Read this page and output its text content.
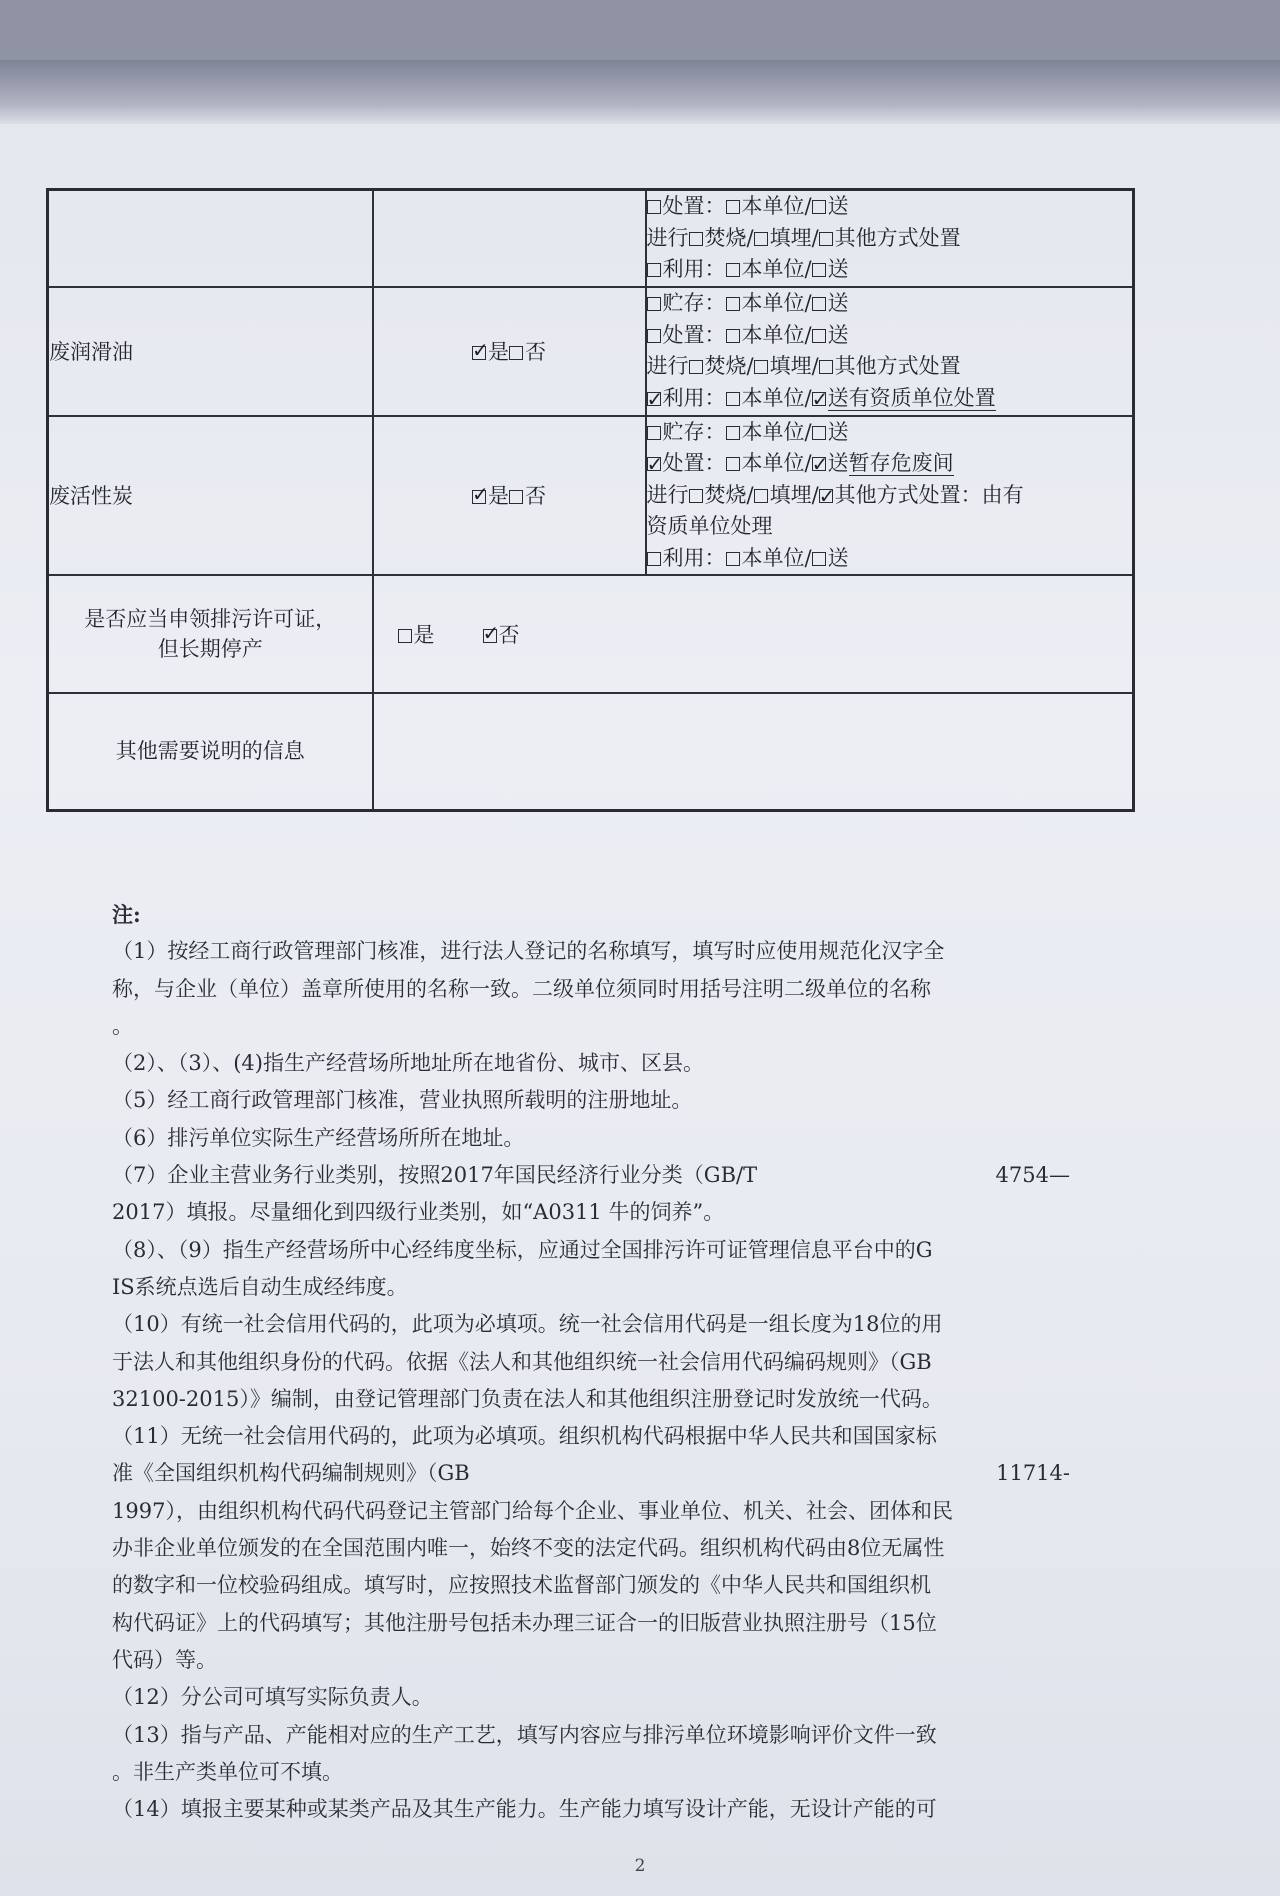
		处置： 本单位/ 送
进行 焚烧/ 填埋/ 其他方式处置
利用： 本单位/ 送

废润滑油	✓是 否	贮存： 本单位/ 送
处置： 本单位/ 送
进行 焚烧/ 填埋/ 其他方式处置
✓利用： 本单位/ ✓ 送有资质单位处置

废活性炭	✓是 否	贮存： 本单位/ 送
✓处置： 本单位/ ✓ 送暂存危废间
进行 焚烧/ 填埋/ ✓ 其他方式处置：由有
资质单位处理
利用： 本单位/ 送

是否应当申领排污许可证，
但长期停产	是 ✓ 否
其他需要说明的信息		

注:

（1）按经工商行政管理部门核准，进行法人登记的名称填写，填写时应使用规范化汉字全

称，与企业（单位）盖章所使用的名称一致。二级单位须同时用括号注明二级单位的名称

。

（2）、（3）、(4)指生产经营场所地址所在地省份、城市、区县。

（5）经工商行政管理部门核准，营业执照所载明的注册地址。

（6）排污单位实际生产经营场所所在地址。

（7）企业主营业务行业类别，按照2017年国民经济行业分类（GB/T	4754—

2017）填报。尽量细化到四级行业类别，如“A0311 牛的饲养”。

（8）、（9）指生产经营场所中心经纬度坐标，应通过全国排污许可证管理信息平台中的G

IS系统点选后自动生成经纬度。

（10）有统一社会信用代码的，此项为必填项。统一社会信用代码是一组长度为18位的用

于法人和其他组织身份的代码。依据《法人和其他组织统一社会信用代码编码规则》（GB

32100-2015）》编制，由登记管理部门负责在法人和其他组织注册登记时发放统一代码。

（11）无统一社会信用代码的，此项为必填项。组织机构代码根据中华人民共和国国家标

准《全国组织机构代码编制规则》（GB	11714-

1997），由组织机构代码代码登记主管部门给每个企业、事业单位、机关、社会、团体和民

办非企业单位颁发的在全国范围内唯一，始终不变的法定代码。组织机构代码由8位无属性

的数字和一位校验码组成。填写时，应按照技术监督部门颁发的《中华人民共和国组织机

构代码证》上的代码填写；其他注册号包括未办理三证合一的旧版营业执照注册号（15位

代码）等。

（12）分公司可填写实际负责人。

（13）指与产品、产能相对应的生产工艺，填写内容应与排污单位环境影响评价文件一致

。非生产类单位可不填。

（14）填报主要某种或某类产品及其生产能力。生产能力填写设计产能，无设计产能的可

2
